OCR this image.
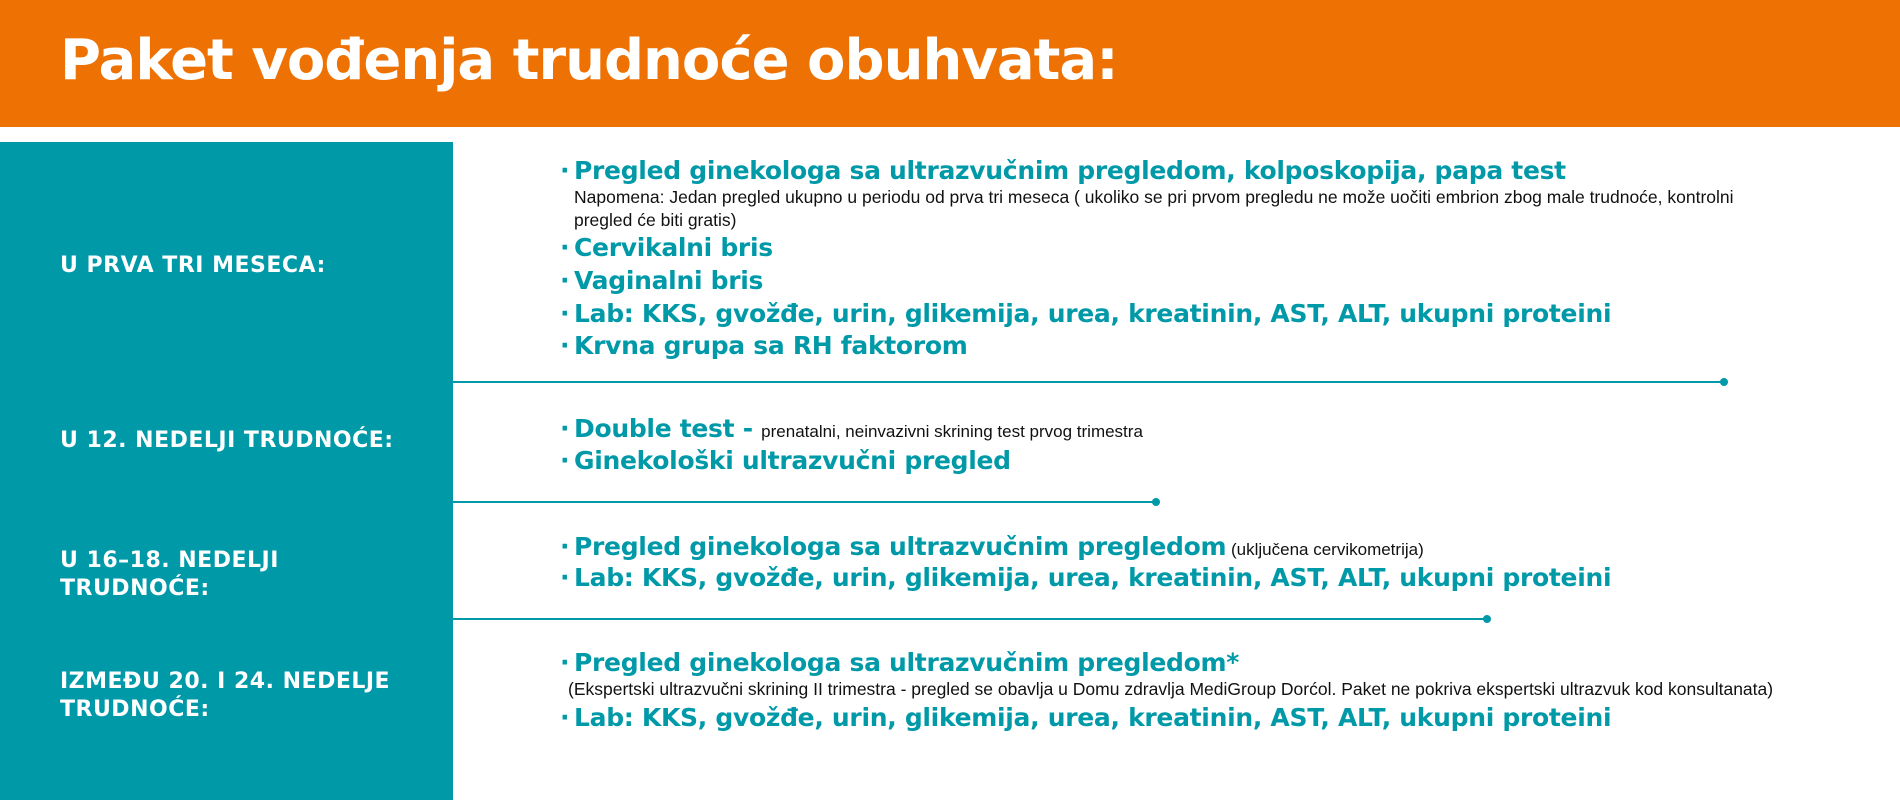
Paket vođenja trudnoće obuhvata:
U PRVA TRI MESECA:
· Pregled ginekologa sa ultrazvučnim pregledom, kolposkopija, papa test
Napomena: Jedan pregled ukupno u periodu od prva tri meseca ( ukoliko se pri prvom pregledu ne može uočiti embrion zbog male trudnoće, kontrolni pregled će biti gratis)
· Cervikalni bris
· Vaginalni bris
· Lab: KKS, gvožđe, urin, glikemija, urea, kreatinin, AST, ALT, ukupni proteini
· Krvna grupa sa RH faktorom
U 12. NEDELJI TRUDNOĆE:	· Double test - prenatalni, neinvazivni skrining test prvog trimestra
· Ginekološki ultrazvučni pregled
U 16–18. NEDELJI TRUDNOĆE:
· Pregled ginekologa sa ultrazvučnim pregledom (uključena cervikometrija)
· Lab: KKS, gvožđe, urin, glikemija, urea, kreatinin, AST, ALT, ukupni proteini
IZMEĐU 20. I 24. NEDELJE TRUDNOĆE:
· Pregled ginekologa sa ultrazvučnim pregledom*
(Ekspertski ultrazvučni skrining II trimestra - pregled se obavlja u Domu zdravlja MediGroup Dorćol. Paket ne pokriva ekspertski ultrazvuk kod konsultanata)
· Lab: KKS, gvožđe, urin, glikemija, urea, kreatinin, AST, ALT, ukupni proteini
